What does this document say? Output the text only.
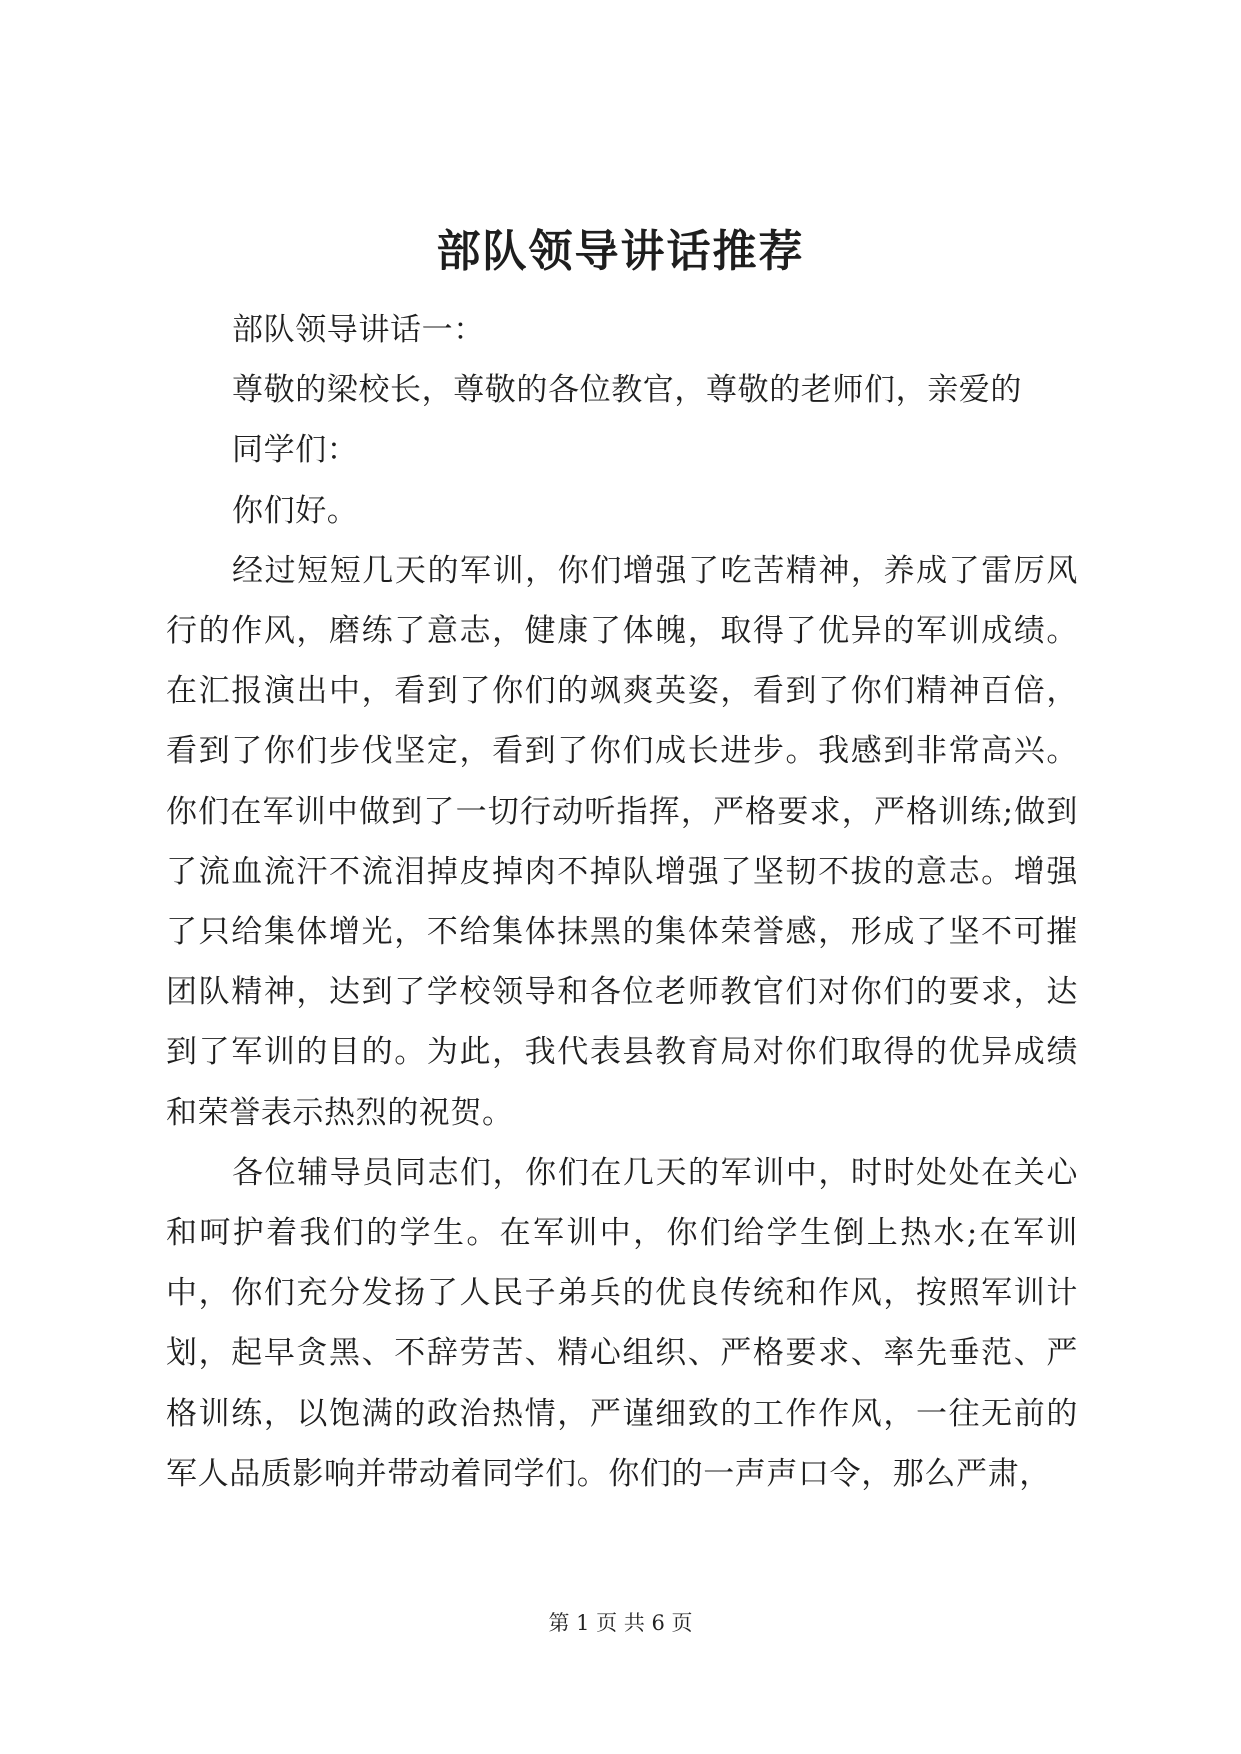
部队领导讲话推荐

部队领导讲话一：

尊敬的梁校长，尊敬的各位教官，尊敬的老师们，亲爱的

同学们：

你们好。

经过短短几天的军训，你们增强了吃苦精神，养成了雷厉风行的作风，磨练了意志，健康了体魄，取得了优异的军训成绩。在汇报演出中，看到了你们的飒爽英姿，看到了你们精神百倍，看到了你们步伐坚定，看到了你们成长进步。我感到非常高兴。你们在军训中做到了一切行动听指挥，严格要求，严格训练;做到了流血流汗不流泪掉皮掉肉不掉队增强了坚韧不拔的意志。增强了只给集体增光，不给集体抹黑的集体荣誉感，形成了坚不可摧团队精神，达到了学校领导和各位老师教官们对你们的要求，达到了军训的目的。为此，我代表县教育局对你们取得的优异成绩和荣誉表示热烈的祝贺。

各位辅导员同志们，你们在几天的军训中，时时处处在关心和呵护着我们的学生。在军训中，你们给学生倒上热水;在军训中，你们充分发扬了人民子弟兵的优良传统和作风，按照军训计划，起早贪黑、不辞劳苦、精心组织、严格要求、率先垂范、严格训练，以饱满的政治热情，严谨细致的工作作风，一往无前的军人品质影响并带动着同学们。你们的一声声口令，那么严肃，

第 1 页 共 6 页
